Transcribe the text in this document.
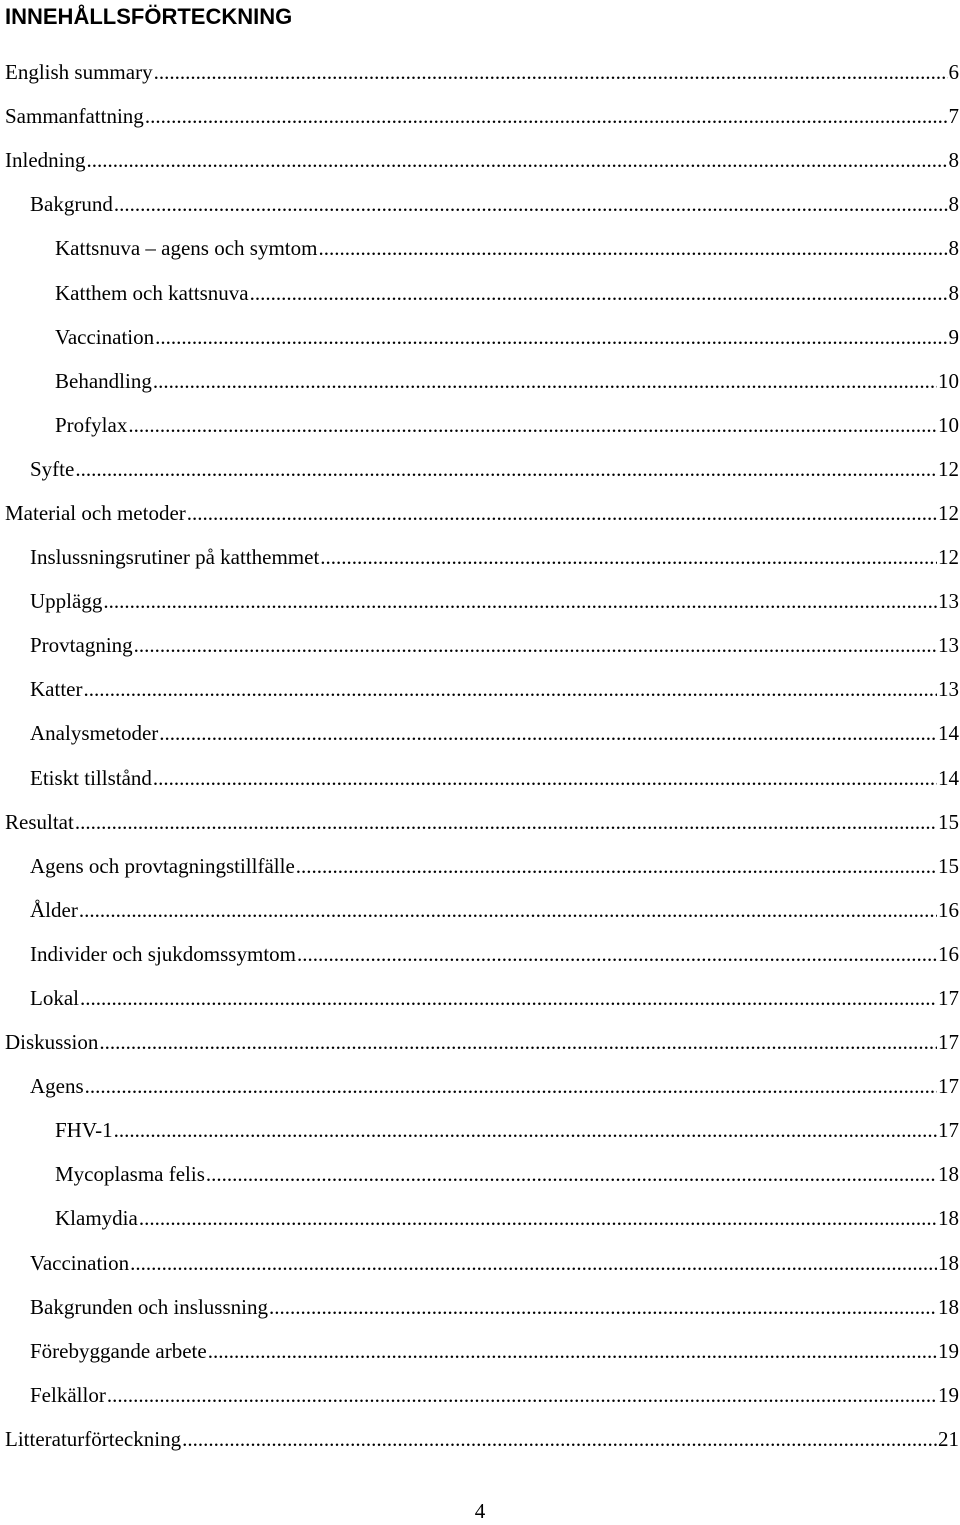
INNEHÅLLSFÖRTECKNING
English summary .....	6
Sammanfattning .....	7
Inledning .....	8
Bakgrund .....	8
Kattsnuva – agens och symtom .....	8
Katthem och kattsnuva .....	8
Vaccination .....	9
Behandling .....	10
Profylax .....	10
Syfte .....	12
Material och metoder .....	12
Inslussningsrutiner på katthemmet .....	12
Upplägg .....	13
Provtagning .....	13
Katter .....	13
Analysmetoder .....	14
Etiskt tillstånd .....	14
Resultat .....	15
Agens och provtagningstillfälle .....	15
Ålder .....	16
Individer och sjukdomssymtom .....	16
Lokal .....	17
Diskussion .....	17
Agens .....	17
FHV-1 .....	17
Mycoplasma felis .....	18
Klamydia .....	18
Vaccination .....	18
Bakgrunden och inslussning .....	18
Förebyggande arbete .....	19
Felkällor .....	19
Litteraturförteckning .....	21
4
